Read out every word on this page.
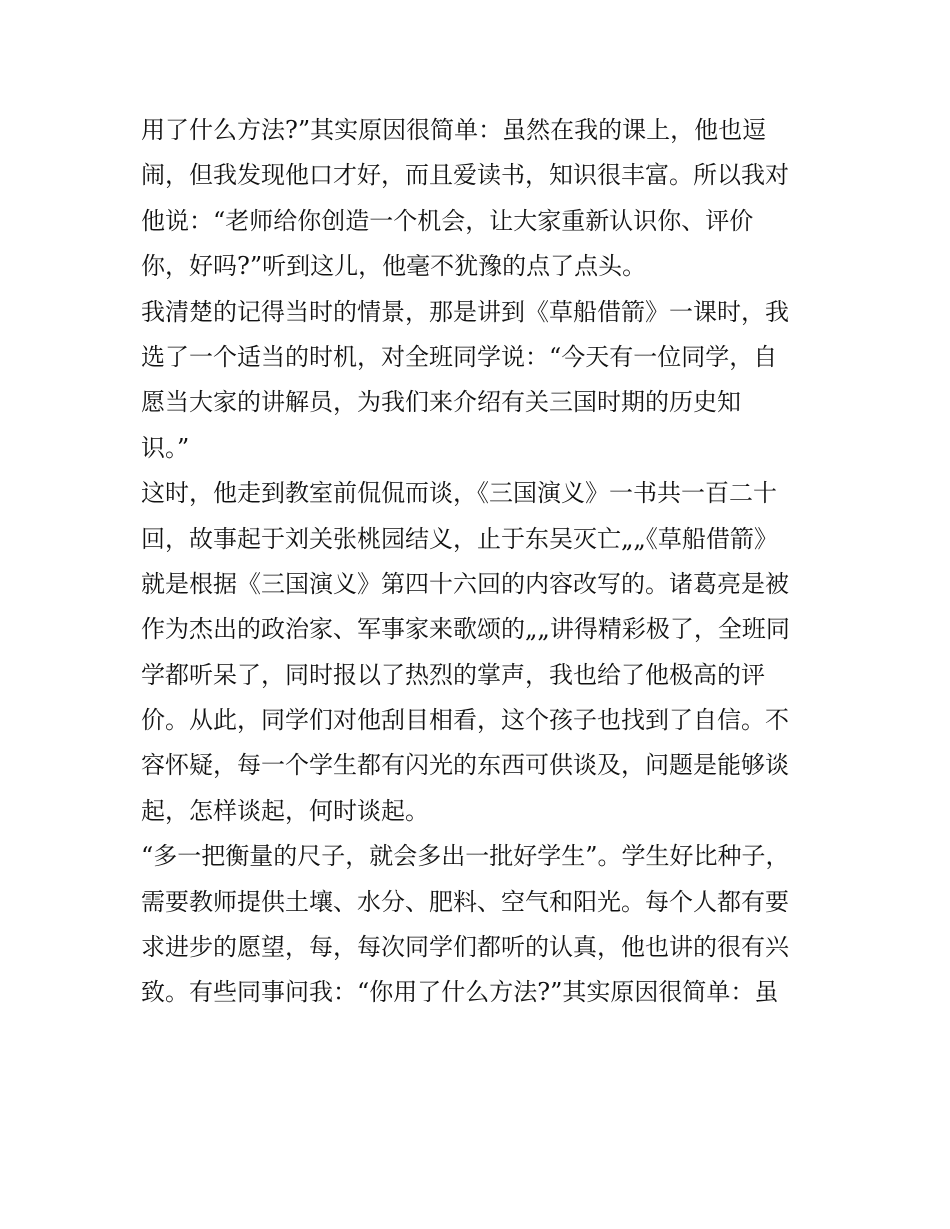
用了什么方法?”其实原因很简单：虽然在我的课上，他也逗
闹，但我发现他口才好，而且爱读书，知识很丰富。所以我对
他说：“老师给你创造一个机会，让大家重新认识你、评价
你，好吗?”听到这儿，他毫不犹豫的点了点头。
我清楚的记得当时的情景，那是讲到《草船借箭》一课时，我
选了一个适当的时机，对全班同学说：“今天有一位同学，自
愿当大家的讲解员，为我们来介绍有关三国时期的历史知
识。”
这时，他走到教室前侃侃而谈，《三国演义》一书共一百二十
回，故事起于刘关张桃园结义，止于东吴灭亡„„《草船借箭》
就是根据《三国演义》第四十六回的内容改写的。诸葛亮是被
作为杰出的政治家、军事家来歌颂的„„讲得精彩极了，全班同
学都听呆了，同时报以了热烈的掌声，我也给了他极高的评
价。从此，同学们对他刮目相看，这个孩子也找到了自信。不
容怀疑，每一个学生都有闪光的东西可供谈及，问题是能够谈
起，怎样谈起，何时谈起。
“多一把衡量的尺子，就会多出一批好学生”。学生好比种子，
需要教师提供土壤、水分、肥料、空气和阳光。每个人都有要
求进步的愿望，每，每次同学们都听的认真，他也讲的很有兴
致。有些同事问我：“你用了什么方法?”其实原因很简单：虽
